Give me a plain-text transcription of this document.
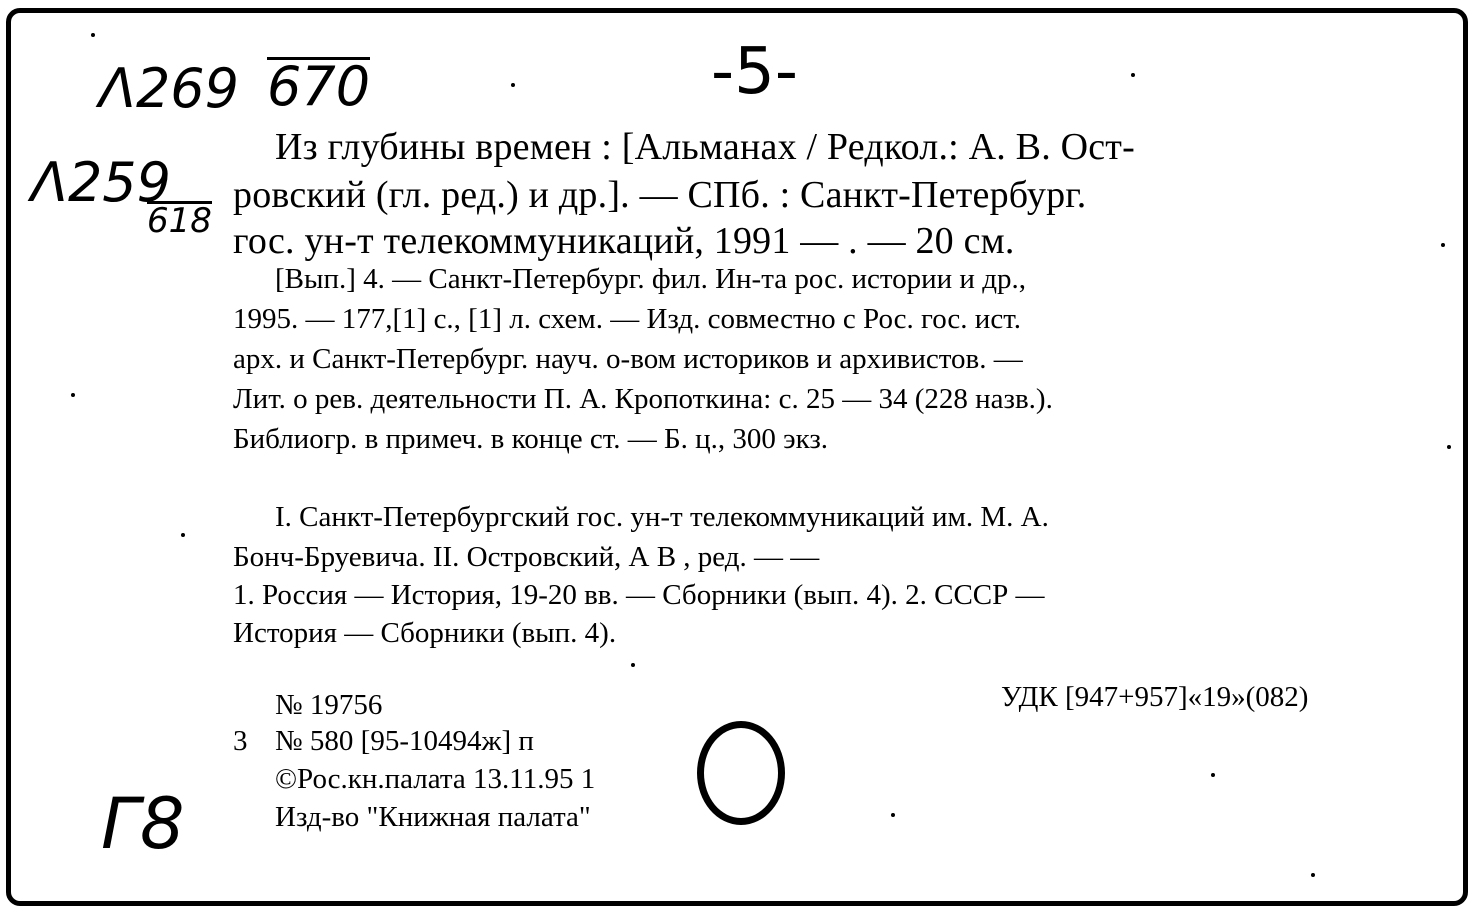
Λ269 670
Λ259
618
-5-
Г8
Из глубины времен : [Альманах / Редкол.: А. В. Ост-
ровский (гл. ред.) и др.]. — СПб. : Санкт-Петербург.
гос. ун-т телекоммуникаций, 1991 — . — 20 см.
[Вып.] 4. — Санкт-Петербург. фил. Ин-та рос. истории и др.,
1995. — 177,[1] с., [1] л. схем. — Изд. совместно с Рос. гос. ист.
арх. и Санкт-Петербург. науч. о-вом историков и архивистов. —
Лит. о рев. деятельности П. А. Кропоткина: с. 25 — 34 (228 назв.).
Библиогр. в примеч. в конце ст. — Б. ц., 300 экз.
I. Санкт-Петербургский гос. ун-т телекоммуникаций им. М. А.
Бонч-Бруевича. II. Островский, А В , ред. — —
1. Россия — История, 19-20 вв. — Сборники (вып. 4). 2. СССР —
История — Сборники (вып. 4).
№ 19756	УДК [947+957]«19»(082)
3 № 580 [95-10494ж] п
©Рос.кн.палата 13.11.95 1
Изд-во "Книжная палата"
